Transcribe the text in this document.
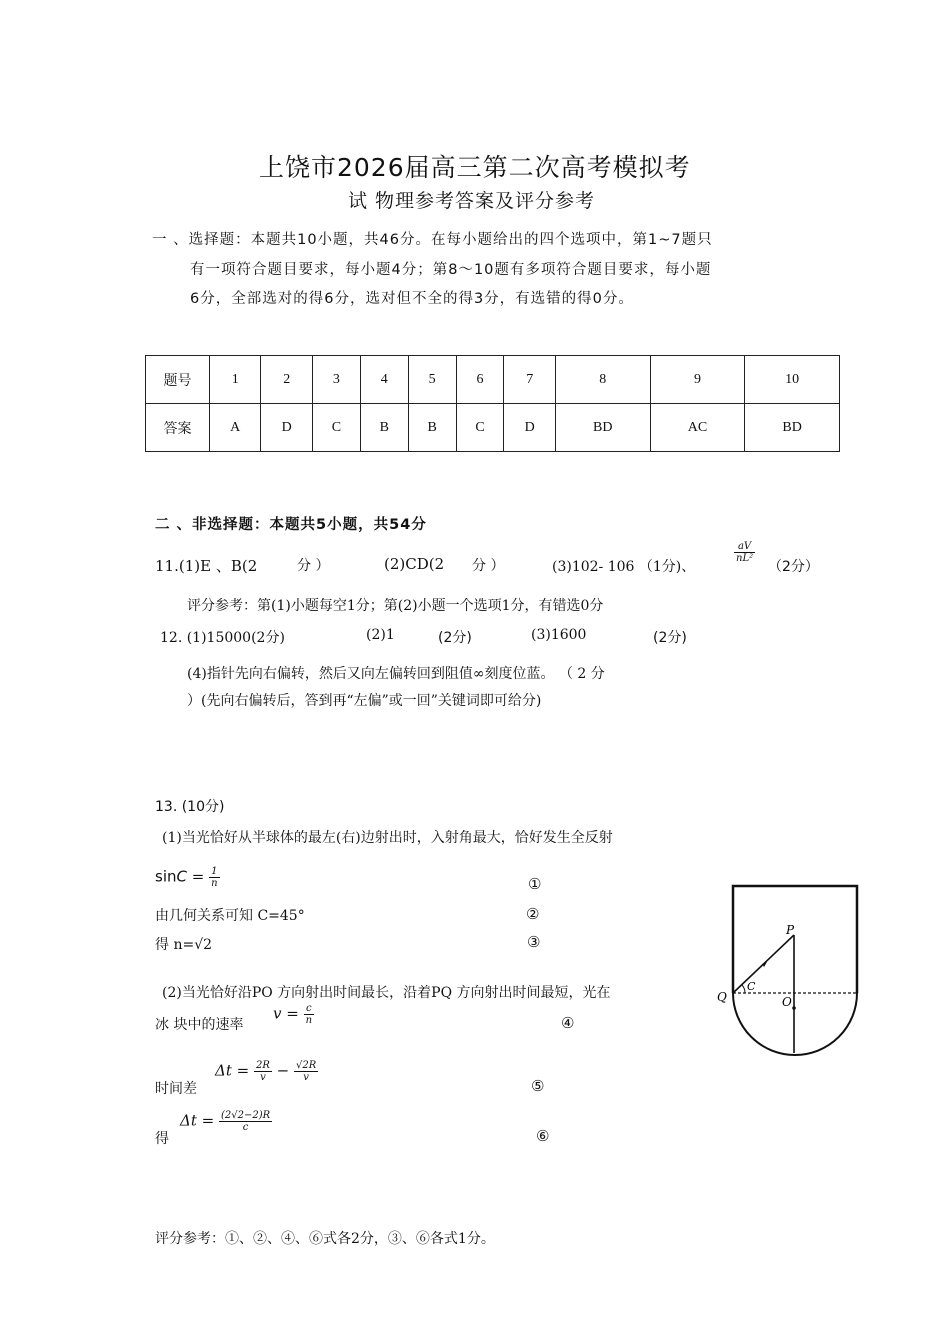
上饶市2026届高三第二次高考模拟考
试 物理参考答案及评分参考
一 、选择题：本题共10小题，共46分。在每小题给出的四个选项中，第1~7题只
有一项符合题目要求，每小题4分；第8～10题有多项符合题目要求，每小题
6分，全部选对的得6分，选对但不全的得3分，有选错的得0分。
题号	1	2	3	4	5	6	7	8	9	10
答案	A	D	C	B	B	C	D	BD	AC	BD
二 、非选择题：本题共5小题，共54分
11.(1)E 、B(2	分 ）	(2)CD(2 分 ）	(3)102- 106 （1分)、
$\frac{aV}{\text{nL²}}$
（2分）
评分参考：第(1)小题每空1分；第(2)小题一个选项1分，有错选0分
12. (1)15000(2分)	(2)1	(2分)	(3)1600	(2分)
(4)指针先向右偏转，然后又向左偏转回到阻值∞刻度位蓝。 （ 2 分
）(先向右偏转后，答到再“左偏”或一回”关键词即可给分)
13. (10分)
(1)当光恰好从半球体的最左(右)边射出时，入射角最大，恰好发生全反射
$\sin C = \frac{1}{n}$	①
由几何关系可知 C=45°	②
得 n=√2	③
(2)当光恰好沿PO 方向射出时间最长，沿着PQ 方向射出时间最短，光在
冰 块中的速率
$v = \frac{c}{n}$	④
时间差
$\Delta t = \frac{2R}{v} - \frac{√2R}{v}$
⑤
得
$\Delta t = \frac{(2√2-2)R}{c}$
⑥
评分参考：①、②、④、⑥式各2分，③、⑥各式1分。
P
C
Q	O
